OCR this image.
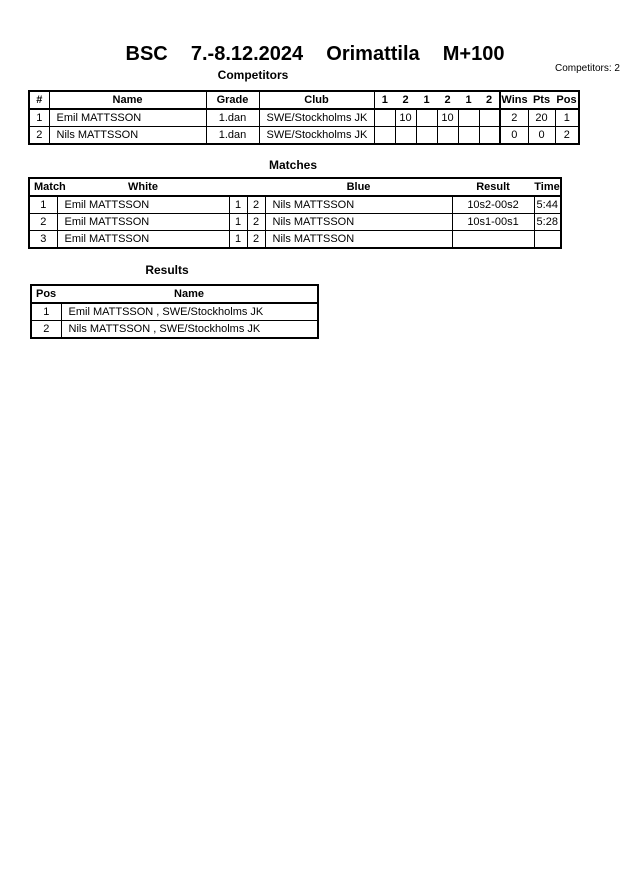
BSC  7.-8.12.2024  Orimattila  M+100
Competitors: 2
Competitors
#	Name	Grade	Club	1	2	1	2	1	2	Wins	Pts	Pos
1	Emil MATTSSON	1.dan	SWE/Stockholms JK		10		10			2	20	1
2	Nils MATTSSON	1.dan	SWE/Stockholms JK							0	0	2
Matches
Match	White			Blue	Result	Time
1	Emil MATTSSON	1	2	Nils MATTSSON	10s2-00s2	5:44
2	Emil MATTSSON	1	2	Nils MATTSSON	10s1-00s1	5:28
3	Emil MATTSSON	1	2	Nils MATTSSON		
Results
Pos	Name
1	Emil MATTSSON , SWE/Stockholms JK
2	Nils MATTSSON , SWE/Stockholms JK
